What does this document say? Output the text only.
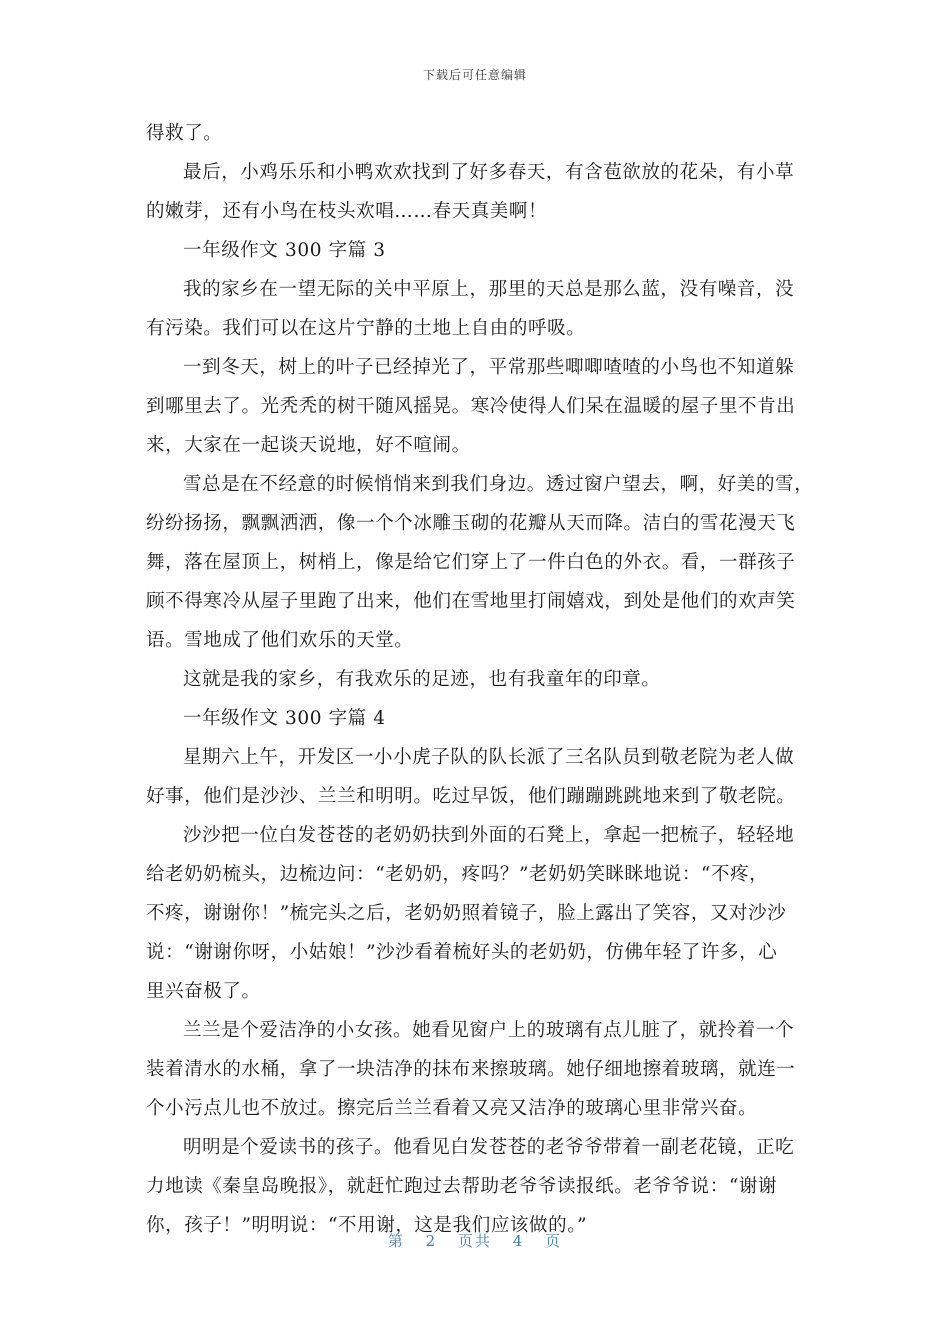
下载后可任意编辑
得救了。
最后，小鸡乐乐和小鸭欢欢找到了好多春天，有含苞欲放的花朵，有小草
的嫩芽，还有小鸟在枝头欢唱……春天真美啊！
一年级作文 300 字篇 3
我的家乡在一望无际的关中平原上，那里的天总是那么蓝，没有噪音，没
有污染。我们可以在这片宁静的土地上自由的呼吸。
一到冬天，树上的叶子已经掉光了，平常那些唧唧喳喳的小鸟也不知道躲
到哪里去了。光秃秃的树干随风摇晃。寒冷使得人们呆在温暖的屋子里不肯出
来，大家在一起谈天说地，好不喧闹。
雪总是在不经意的时候悄悄来到我们身边。透过窗户望去，啊，好美的雪，
纷纷扬扬，飘飘洒洒，像一个个冰雕玉砌的花瓣从天而降。洁白的雪花漫天飞
舞，落在屋顶上，树梢上，像是给它们穿上了一件白色的外衣。看，一群孩子
顾不得寒冷从屋子里跑了出来，他们在雪地里打闹嬉戏，到处是他们的欢声笑
语。雪地成了他们欢乐的天堂。
这就是我的家乡，有我欢乐的足迹，也有我童年的印章。
一年级作文 300 字篇 4
星期六上午，开发区一小小虎子队的队长派了三名队员到敬老院为老人做
好事，他们是沙沙、兰兰和明明。吃过早饭，他们蹦蹦跳跳地来到了敬老院。
沙沙把一位白发苍苍的老奶奶扶到外面的石凳上，拿起一把梳子，轻轻地
给老奶奶梳头，边梳边问：“老奶奶，疼吗？”老奶奶笑眯眯地说：“不疼，
不疼，谢谢你！”梳完头之后，老奶奶照着镜子，脸上露出了笑容，又对沙沙
说：“谢谢你呀，小姑娘！”沙沙看着梳好头的老奶奶，仿佛年轻了许多，心
里兴奋极了。
兰兰是个爱洁净的小女孩。她看见窗户上的玻璃有点儿脏了，就拎着一个
装着清水的水桶，拿了一块洁净的抹布来擦玻璃。她仔细地擦着玻璃，就连一
个小污点儿也不放过。擦完后兰兰看着又亮又洁净的玻璃心里非常兴奋。
明明是个爱读书的孩子。他看见白发苍苍的老爷爷带着一副老花镜，正吃
力地读《秦皇岛晚报》，就赶忙跑过去帮助老爷爷读报纸。老爷爷说：“谢谢
你，孩子！”明明说：“不用谢，这是我们应该做的。”
第 2 页共 4 页
